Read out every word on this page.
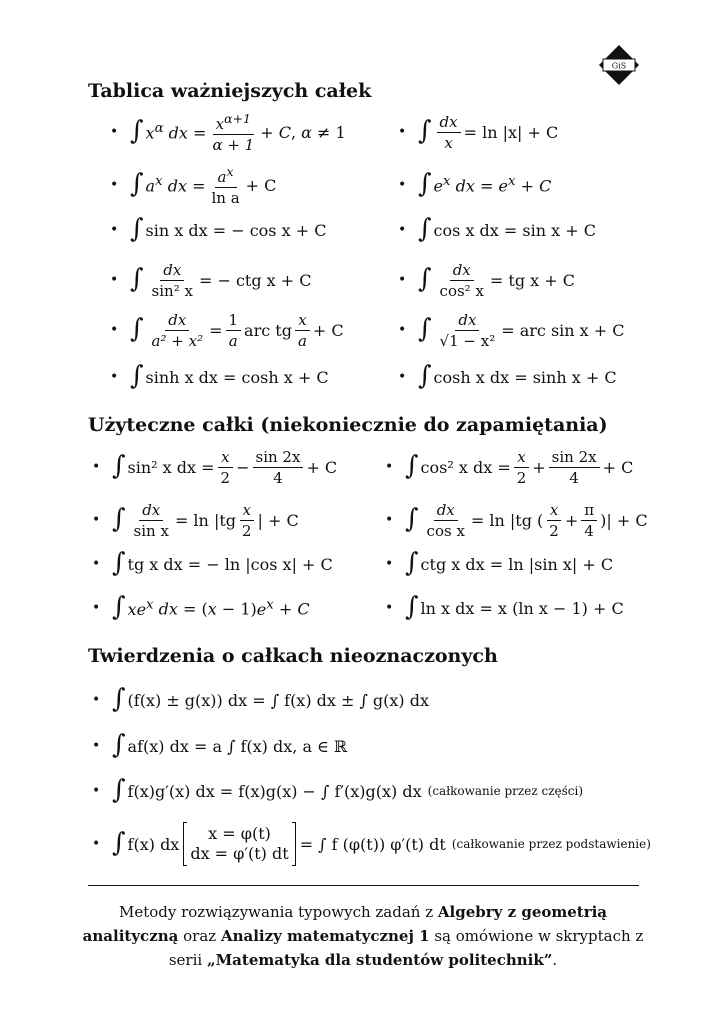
GiS
Tablica ważniejszych całek
• ∫ $x^\alpha$ dx = $\frac{x^{\alpha+1}}{\alpha + 1} + C$, α ≠ 1	• ∫ $\frac{dx}{x} = \ln |x| + C$
• ∫ $a^x$ dx = $\frac{a^x}{\text{ln a}} + C$	• ∫ $e^x$ dx = $e^x + C$
• ∫ sin x dx = − cos x + C	• ∫ cos x dx = sin x + C
• ∫ $\frac{dx}{\text{sin² x}}$ = − ctg x + C	• ∫ $\frac{dx}{\text{cos² x}}$ = tg x + C
• ∫ $\frac{dx}{\text{a² + x²}} = \frac{1}{a}$ arc tg $\frac{x}{a} + C$	• ∫ $\frac{dx}{\text{√1 − x²}}$ = arc sin x + C
• ∫ sinh x dx = cosh x + C	• ∫ cosh x dx = sinh x + C
Użyteczne całki (niekoniecznie do zapamiętania)
• ∫ sin² x dx = $\frac{x}{2} - \frac{\sin 2x}{4} + C$	• ∫ cos² x dx = $\frac{x}{2} + \frac{\sin 2x}{4} + C$
• ∫ $\frac{dx}{\text{sin x}} = \ln |tg \frac{x}{2}$ | + C	• ∫ $\frac{dx}{\text{cos x}} = \ln |tg$ ( $\frac{x}{2} + \frac{\pi}{4}$ )| + C
• ∫ tg x dx = − ln |cos x| + C	• ∫ ctg x dx = ln |sin x| + C
• ∫ $xe^x$ dx = $(x - 1)e^x + C$	• ∫ ln x dx = x (ln x − 1) + C
Twierdzenia o całkach nieoznaczonych
• ∫ (f(x) ± g(x)) dx = ∫ f(x) dx ± ∫ g(x) dx
• ∫ af(x) dx = a ∫ f(x) dx, a ∈ ℝ
• ∫ f(x)g′(x) dx = f(x)g(x) − ∫ f′(x)g(x) dx (całkowanie przez części)
• ∫ f(x) dx
x = φ(t)
dx = φ′(t) dt = ∫ f (φ(t)) φ′(t) dt (całkowanie przez podstawienie)
Metody rozwiązywania typowych zadań z Algebry z geometrią analityczną oraz Analizy matematycznej 1 są omówione w skryptach z serii „Matematyka dla studentów politechnik”.
